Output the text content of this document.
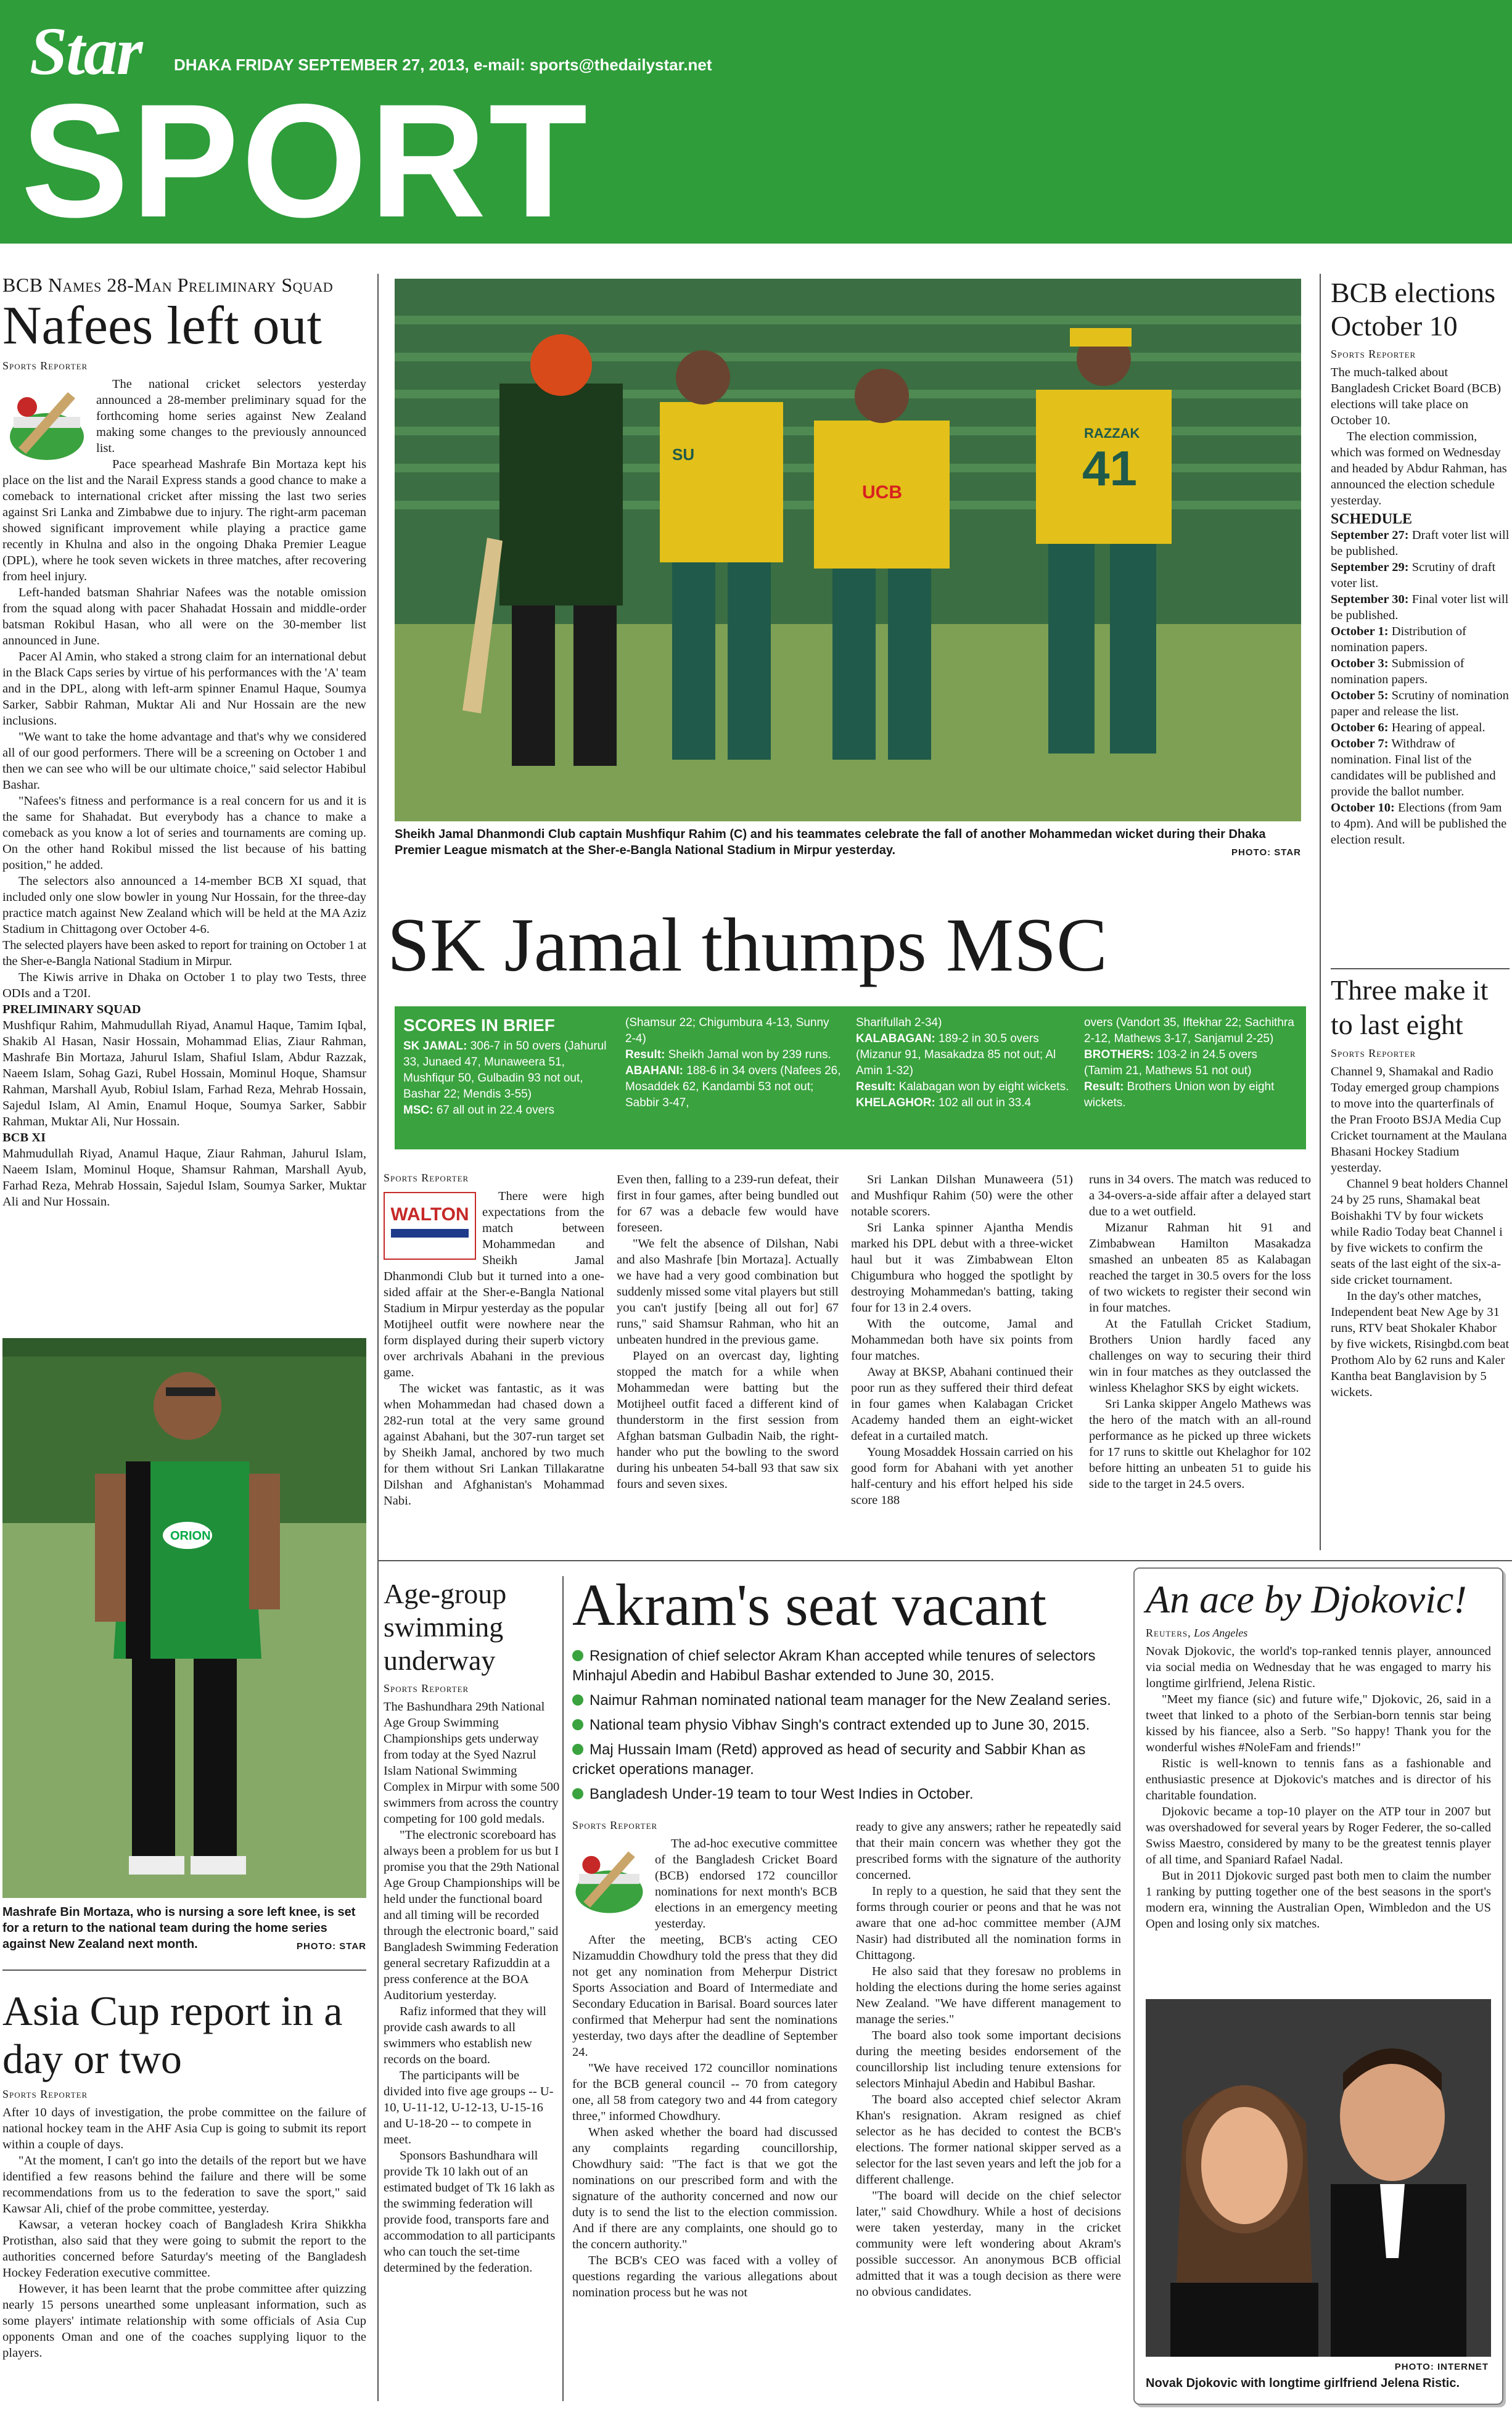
Star DHAKA FRIDAY SEPTEMBER 27, 2013, e-mail: sports@thedailystar.net
SPORT
BCB Names 28-Man Preliminary Squad
Nafees left out
Sports Reporter

The national cricket selectors yesterday announced a 28-member preliminary squad for the forthcoming home series against New Zealand making some changes to the previously announced list.

Pace spearhead Mashrafe Bin Mortaza kept his place on the list and the Narail Express stands a good chance to make a comeback to international cricket after missing the last two series against Sri Lanka and Zimbabwe due to injury. The right-arm paceman showed significant improvement while playing a practice game recently in Khulna and also in the ongoing Dhaka Premier League (DPL), where he took seven wickets in three matches, after recovering from heel injury.

Left-handed batsman Shahriar Nafees was the notable omission from the squad along with pacer Shahadat Hossain and middle-order batsman Rokibul Hasan, who all were on the 30-member list announced in June.

Pacer Al Amin, who staked a strong claim for an international debut in the Black Caps series by virtue of his performances with the 'A' team and in the DPL, along with left-arm spinner Enamul Haque, Soumya Sarker, Sabbir Rahman, Muktar Ali and Nur Hossain are the new inclusions.

"We want to take the home advantage and that's why we considered all of our good performers. There will be a screening on October 1 and then we can see who will be our ultimate choice," said selector Habibul Bashar.

"Nafees's fitness and performance is a real concern for us and it is the same for Shahadat. But everybody has a chance to make a comeback as you know a lot of series and tournaments are coming up. On the other hand Rokibul missed the list because of his batting position," he added.

The selectors also announced a 14-member BCB XI squad, that included only one slow bowler in young Nur Hossain, for the three-day practice match against New Zealand which will be held at the MA Aziz Stadium in Chittagong over October 4-6.

The selected players have been asked to report for training on October 1 at the Sher-e-Bangla National Stadium in Mirpur.

The Kiwis arrive in Dhaka on October 1 to play two Tests, three ODIs and a T20I.

PRELIMINARY SQUAD

Mushfiqur Rahim, Mahmudullah Riyad, Anamul Haque, Tamim Iqbal, Shakib Al Hasan, Nasir Hossain, Mohammad Elias, Ziaur Rahman, Mashrafe Bin Mortaza, Jahurul Islam, Shafiul Islam, Abdur Razzak, Naeem Islam, Sohag Gazi, Rubel Hossain, Mominul Hoque, Shamsur Rahman, Marshall Ayub, Robiul Islam, Farhad Reza, Mehrab Hossain, Sajedul Islam, Al Amin, Enamul Hoque, Soumya Sarker, Sabbir Rahman, Muktar Ali, Nur Hossain.

BCB XI

Mahmudullah Riyad, Anamul Haque, Ziaur Rahman, Jahurul Islam, Naeem Islam, Mominul Hoque, Shamsur Rahman, Marshall Ayub, Farhad Reza, Mehrab Hossain, Sajedul Islam, Soumya Sarker, Muktar Ali and Nur Hossain.

ORION
Mashrafe Bin Mortaza, who is nursing a sore left knee, is set for a return to the national team during the home series against New Zealand next month.	PHOTO: STAR
Asia Cup report in a day or two
Sports Reporter

After 10 days of investigation, the probe committee on the failure of national hockey team in the AHF Asia Cup is going to submit its report within a couple of days.

"At the moment, I can't go into the details of the report but we have identified a few reasons behind the failure and there will be some recommendations from us to the federation to save the sport," said Kawsar Ali, chief of the probe committee, yesterday.

Kawsar, a veteran hockey coach of Bangladesh Krira Shikkha Protisthan, also said that they were going to submit the report to the authorities concerned before Saturday's meeting of the Bangladesh Hockey Federation executive committee.

However, it has been learnt that the probe committee after quizzing nearly 15 persons unearthed some unpleasant information, such as some players' intimate relationship with some officials of Asia Cup opponents Oman and one of the coaches supplying liquor to the players.

RAZZAK
41
UCB
SU
Sheikh Jamal Dhanmondi Club captain Mushfiqur Rahim (C) and his teammates celebrate the fall of another Mohammedan wicket during their Dhaka Premier League mismatch at the Sher-e-Bangla National Stadium in Mirpur yesterday.	PHOTO: STAR
SK Jamal thumps MSC
SCORES IN BRIEF
SK JAMAL: 306-7 in 50 overs (Jahurul 33, Junaed 47, Munaweera 51, Mushfiqur 50, Gulbadin 93 not out, Bashar 22; Mendis 3-55)
MSC: 67 all out in 22.4 overs
(Shamsur 22; Chigumbura 4-13, Sunny 2-4)
Result: Sheikh Jamal won by 239 runs.
ABAHANI: 188-6 in 34 overs (Nafees 26, Mosaddek 62, Kandambi 53 not out; Sabbir 3-47,
Sharifullah 2-34)
KALABAGAN: 189-2 in 30.5 overs (Mizanur 91, Masakadza 85 not out; Al Amin 1-32)
Result: Kalabagan won by eight wickets.
KHELAGHOR: 102 all out in 33.4
overs (Vandort 35, Iftekhar 22; Sachithra 2-12, Mathews 3-17, Sanjamul 2-25)
BROTHERS: 103-2 in 24.5 overs (Tamim 21, Mathews 51 not out)
Result: Brothers Union won by eight wickets.
Sports Reporter
WALTON

There were high expectations from the match between Mohammedan and Sheikh Jamal Dhanmondi Club but it turned into a one-sided affair at the Sher-e-Bangla National Stadium in Mirpur yesterday as the popular Motijheel outfit were nowhere near the form displayed during their superb victory over archrivals Abahani in the previous game.

The wicket was fantastic, as it was when Mohammedan had chased down a 282-run total at the very same ground against Abahani, but the 307-run target set by Sheikh Jamal, anchored by two much for them without Sri Lankan Tillakaratne Dilshan and Afghanistan's Mohammad Nabi.

Even then, falling to a 239-run defeat, their first in four games, after being bundled out for 67 was a debacle few would have foreseen.

"We felt the absence of Dilshan, Nabi and also Mashrafe [bin Mortaza]. Actually we have had a very good combination but suddenly missed some vital players but still you can't justify [being all out for] 67 runs," said Shamsur Rahman, who hit an unbeaten hundred in the previous game.

Played on an overcast day, lighting stopped the match for a while when Mohammedan were batting but the Motijheel outfit faced a different kind of thunderstorm in the first session from Afghan batsman Gulbadin Naib, the right-hander who put the bowling to the sword during his unbeaten 54-ball 93 that saw six fours and seven sixes.

Sri Lankan Dilshan Munaweera (51) and Mushfiqur Rahim (50) were the other notable scorers.

Sri Lanka spinner Ajantha Mendis marked his DPL debut with a three-wicket haul but it was Zimbabwean Elton Chigumbura who hogged the spotlight by destroying Mohammedan's batting, taking four for 13 in 2.4 overs.

With the outcome, Jamal and Mohammedan both have six points from four matches.

Away at BKSP, Abahani continued their poor run as they suffered their third defeat in four games when Kalabagan Cricket Academy handed them an eight-wicket defeat in a curtailed match.

Young Mosaddek Hossain carried on his good form for Abahani with yet another half-century and his effort helped his side score 188

runs in 34 overs. The match was reduced to a 34-overs-a-side affair after a delayed start due to a wet outfield.

Mizanur Rahman hit 91 and Zimbabwean Hamilton Masakadza smashed an unbeaten 85 as Kalabagan reached the target in 30.5 overs for the loss of two wickets to register their second win in four matches.

At the Fatullah Cricket Stadium, Brothers Union hardly faced any challenges on way to securing their third win in four matches as they outclassed the winless Khelaghor SKS by eight wickets.

Sri Lanka skipper Angelo Mathews was the hero of the match with an all-round performance as he picked up three wickets for 17 runs to skittle out Khelaghor for 102 before hitting an unbeaten 51 to guide his side to the target in 24.5 overs.

BCB elections October 10
Sports Reporter

The much-talked about Bangladesh Cricket Board (BCB) elections will take place on October 10.

The election commission, which was formed on Wednesday and headed by Abdur Rahman, has announced the election schedule yesterday.

SCHEDULE

September 27: Draft voter list will be published.

September 29: Scrutiny of draft voter list.

September 30: Final voter list will be published.

October 1: Distribution of nomination papers.

October 3: Submission of nomination papers.

October 5: Scrutiny of nomination paper and release the list.

October 6: Hearing of appeal.

October 7: Withdraw of nomination. Final list of the candidates will be published and provide the ballot number.

October 10: Elections (from 9am to 4pm). And will be published the election result.

Three make it to last eight
Sports Reporter

Channel 9, Shamakal and Radio Today emerged group champions to move into the quarterfinals of the Pran Frooto BSJA Media Cup Cricket tournament at the Maulana Bhasani Hockey Stadium yesterday.

Channel 9 beat holders Channel 24 by 25 runs, Shamakal beat Boishakhi TV by four wickets while Radio Today beat Channel i by five wickets to confirm the seats of the last eight of the six-a-side cricket tournament.

In the day's other matches, Independent beat New Age by 31 runs, RTV beat Shokaler Khabor by five wickets, Risingbd.com beat Prothom Alo by 62 runs and Kaler Kantha beat Banglavision by 5 wickets.

Age-group swimming underway
Sports Reporter

The Bashundhara 29th National Age Group Swimming Championships gets underway from today at the Syed Nazrul Islam National Swimming Complex in Mirpur with some 500 swimmers from across the country competing for 100 gold medals.

"The electronic scoreboard has always been a problem for us but I promise you that the 29th National Age Group Championships will be held under the functional board and all timing will be recorded through the electronic board," said Bangladesh Swimming Federation general secretary Rafizuddin at a press conference at the BOA Auditorium yesterday.

Rafiz informed that they will provide cash awards to all swimmers who establish new records on the board.

The participants will be divided into five age groups -- U-10, U-11-12, U-12-13, U-15-16 and U-18-20 -- to compete in meet.

Sponsors Bashundhara will provide Tk 10 lakh out of an estimated budget of Tk 16 lakh as the swimming federation will provide food, transports fare and accommodation to all participants who can touch the set-time determined by the federation.

Akram's seat vacant
Resignation of chief selector Akram Khan accepted while tenures of selectors Minhajul Abedin and Habibul Bashar extended to June 30, 2015.
Naimur Rahman nominated national team manager for the New Zealand series.
National team physio Vibhav Singh's contract extended up to June 30, 2015.
Maj Hussain Imam (Retd) approved as head of security and Sabbir Khan as cricket operations manager.
Bangladesh Under-19 team to tour West Indies in October.
Sports Reporter

The ad-hoc executive committee of the Bangladesh Cricket Board (BCB) endorsed 172 councillor nominations for next month's BCB elections in an emergency meeting yesterday.

After the meeting, BCB's acting CEO Nizamuddin Chowdhury told the press that they did not get any nomination from Meherpur District Sports Association and Board of Intermediate and Secondary Education in Barisal. Board sources later confirmed that Meherpur had sent the nominations yesterday, two days after the deadline of September 24.

"We have received 172 councillor nominations for the BCB general council -- 70 from category one, all 58 from category two and 44 from category three," informed Chowdhury.

When asked whether the board had discussed any complaints regarding councillorship, Chowdhury said: "The fact is that we got the nominations on our prescribed form and with the signature of the authority concerned and now our duty is to send the list to the election commission. And if there are any complaints, one should go to the concern authority."

The BCB's CEO was faced with a volley of questions regarding the various allegations about nomination process but he was not

ready to give any answers; rather he repeatedly said that their main concern was whether they got the prescribed forms with the signature of the authority concerned.

In reply to a question, he said that they sent the forms through courier or peons and that he was not aware that one ad-hoc committee member (AJM Nasir) had distributed all the nomination forms in Chittagong.

He also said that they foresaw no problems in holding the elections during the home series against New Zealand. "We have different management to manage the series."

The board also took some important decisions during the meeting besides endorsement of the councillorship list including tenure extensions for selectors Minhajul Abedin and Habibul Bashar.

The board also accepted chief selector Akram Khan's resignation. Akram resigned as chief selector as he has decided to contest the BCB's elections. The former national skipper served as a selector for the last seven years and left the job for a different challenge.

"The board will decide on the chief selector later," said Chowdhury. While a host of decisions were taken yesterday, many in the cricket community were left wondering about Akram's possible successor. An anonymous BCB official admitted that it was a tough decision as there were no obvious candidates.

An ace by Djokovic!
Reuters, Los Angeles

Novak Djokovic, the world's top-ranked tennis player, announced via social media on Wednesday that he was engaged to marry his longtime girlfriend, Jelena Ristic.

"Meet my fiance (sic) and future wife," Djokovic, 26, said in a tweet that linked to a photo of the Serbian-born tennis star being kissed by his fiancee, also a Serb. "So happy! Thank you for the wonderful wishes #NoleFam and friends!"

Ristic is well-known to tennis fans as a fashionable and enthusiastic presence at Djokovic's matches and is director of his charitable foundation.

Djokovic became a top-10 player on the ATP tour in 2007 but was overshadowed for several years by Roger Federer, the so-called Swiss Maestro, considered by many to be the greatest tennis player of all time, and Spaniard Rafael Nadal.

But in 2011 Djokovic surged past both men to claim the number 1 ranking by putting together one of the best seasons in the sport's modern era, winning the Australian Open, Wimbledon and the US Open and losing only six matches.

PHOTO: INTERNET
Novak Djokovic with longtime girlfriend Jelena Ristic.
